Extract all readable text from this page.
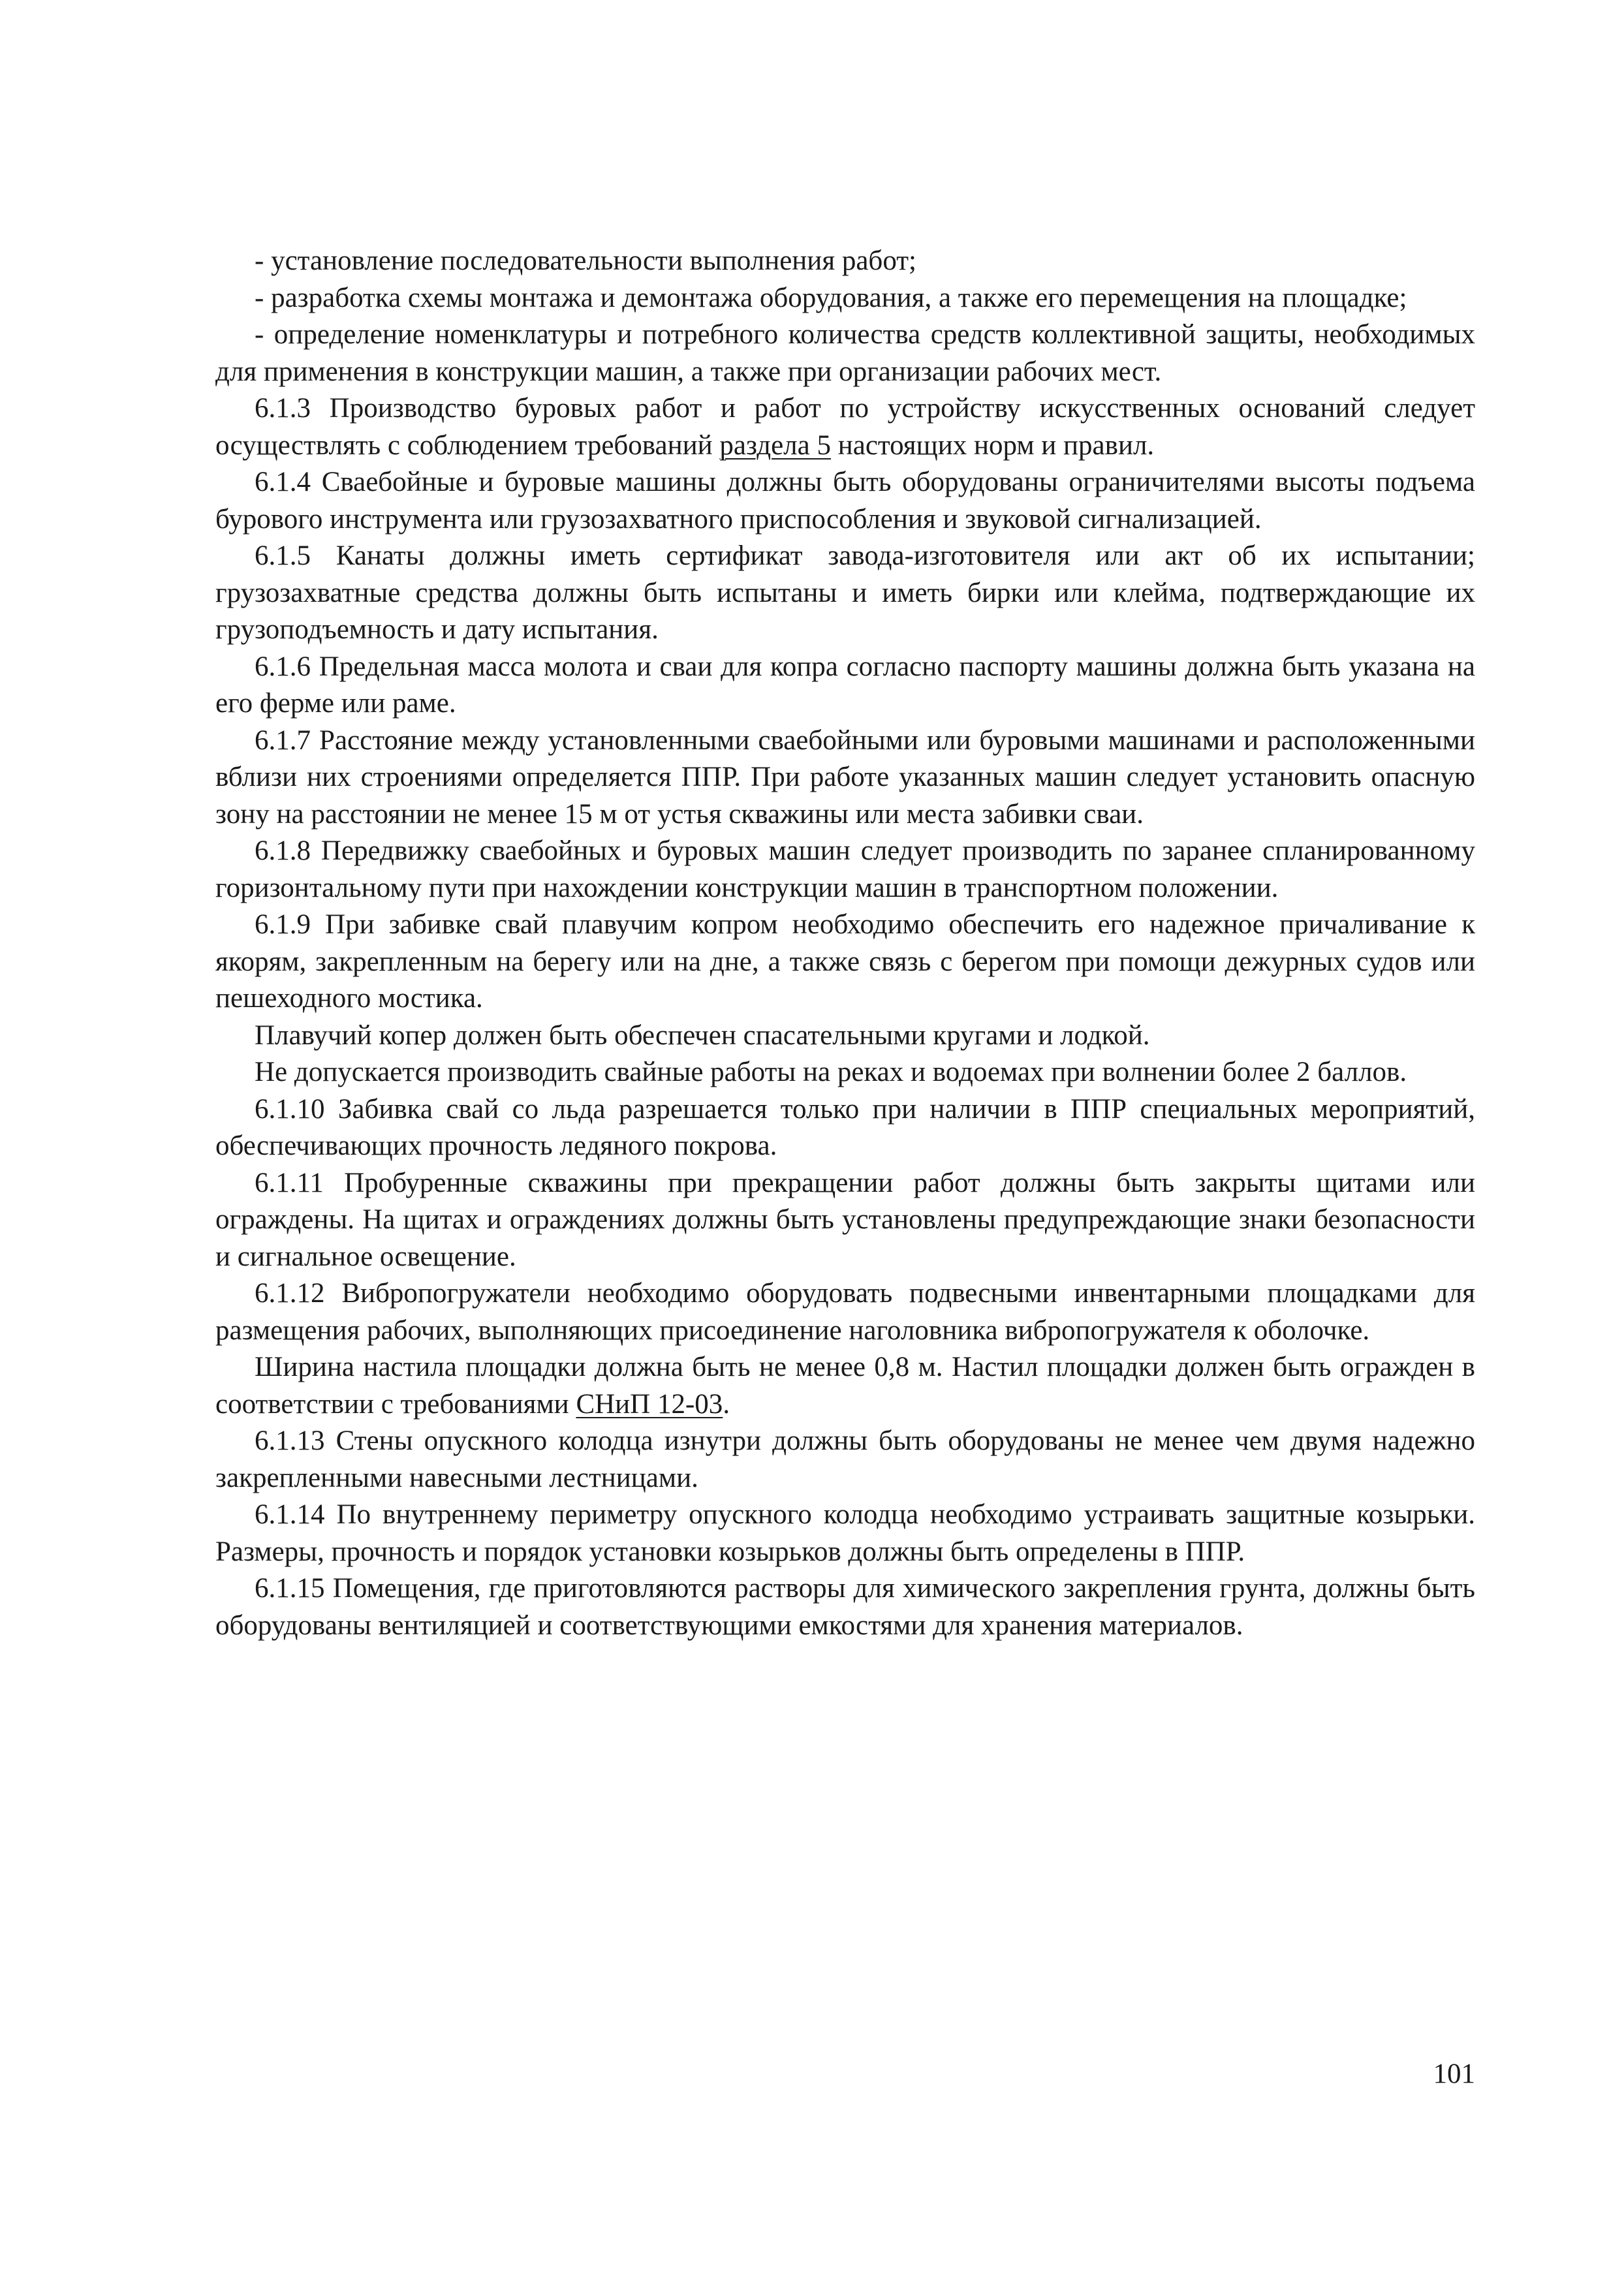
- установление последовательности выполнения работ;

- разработка схемы монтажа и демонтажа оборудования, а также его перемещения на площадке;

- определение номенклатуры и потребного количества средств коллективной защиты, необходимых для применения в конструкции машин, а также при организации рабочих мест.

6.1.3 Производство буровых работ и работ по устройству искусственных оснований следует осуществлять с соблюдением требований раздела 5 настоящих норм и правил.

6.1.4 Сваебойные и буровые машины должны быть оборудованы ограничителями высоты подъема бурового инструмента или грузозахватного приспособления и звуковой сигнализацией.

6.1.5 Канаты должны иметь сертификат завода-изготовителя или акт об их испытании; грузозахватные средства должны быть испытаны и иметь бирки или клейма, подтверждающие их грузоподъемность и дату испытания.

6.1.6 Предельная масса молота и сваи для копра согласно паспорту машины должна быть указана на его ферме или раме.

6.1.7 Расстояние между установленными сваебойными или буровыми машинами и расположенными вблизи них строениями определяется ППР. При работе указанных машин следует установить опасную зону на расстоянии не менее 15 м от устья скважины или места забивки сваи.

6.1.8 Передвижку сваебойных и буровых машин следует производить по заранее спланированному горизонтальному пути при нахождении конструкции машин в транспортном положении.

6.1.9 При забивке свай плавучим копром необходимо обеспечить его надежное причаливание к якорям, закрепленным на берегу или на дне, а также связь с берегом при помощи дежурных судов или пешеходного мостика.

Плавучий копер должен быть обеспечен спасательными кругами и лодкой.

Не допускается производить свайные работы на реках и водоемах при волнении более 2 баллов.

6.1.10 Забивка свай со льда разрешается только при наличии в ППР специальных мероприятий, обеспечивающих прочность ледяного покрова.

6.1.11 Пробуренные скважины при прекращении работ должны быть закрыты щитами или ограждены. На щитах и ограждениях должны быть установлены предупреждающие знаки безопасности и сигнальное освещение.

6.1.12 Вибропогружатели необходимо оборудовать подвесными инвентарными площадками для размещения рабочих, выполняющих присоединение наголовника вибропогружателя к оболочке.

Ширина настила площадки должна быть не менее 0,8 м. Настил площадки должен быть огражден в соответствии с требованиями СНиП 12-03.

6.1.13 Стены опускного колодца изнутри должны быть оборудованы не менее чем двумя надежно закрепленными навесными лестницами.

6.1.14 По внутреннему периметру опускного колодца необходимо устраивать защитные козырьки. Размеры, прочность и порядок установки козырьков должны быть определены в ППР.

6.1.15 Помещения, где приготовляются растворы для химического закрепления грунта, должны быть оборудованы вентиляцией и соответствующими емкостями для хранения материалов.

101
